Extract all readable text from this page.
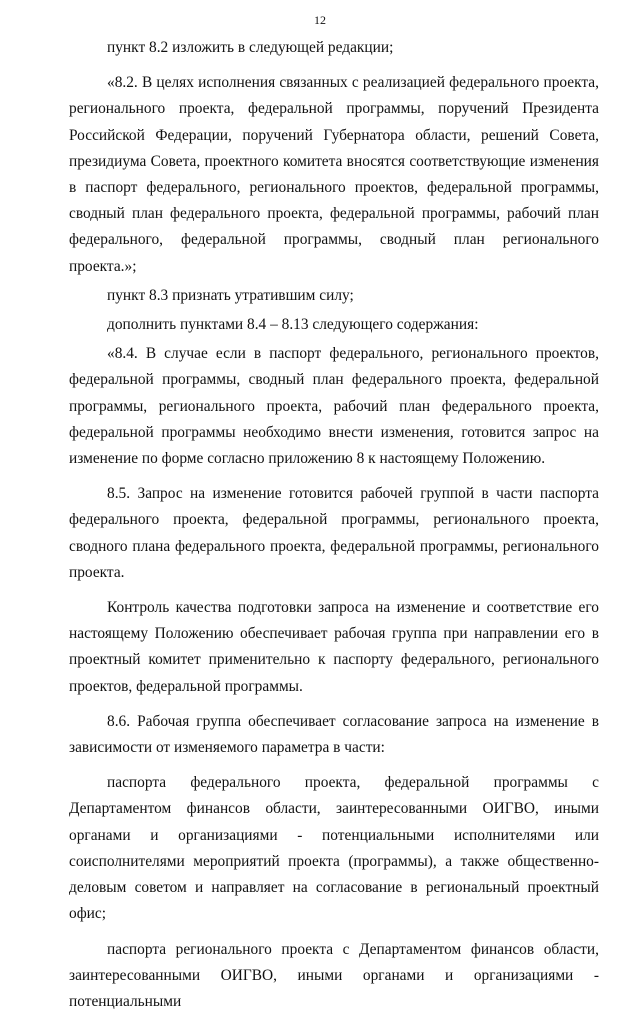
12

пункт 8.2 изложить в следующей редакции;

«8.2. В целях исполнения связанных с реализацией федерального проекта, регионального проекта, федеральной программы, поручений Президента Российской Федерации, поручений Губернатора области, решений Совета, президиума Совета, проектного комитета вносятся соответствующие изменения в паспорт федерального, регионального проектов, федеральной программы, сводный план федерального проекта, федеральной программы, рабочий план федерального, федеральной программы, сводный план регионального проекта.»;

пункт 8.3 признать утратившим силу;

дополнить пунктами 8.4 – 8.13 следующего содержания:

«8.4. В случае если в паспорт федерального, регионального проектов, федеральной программы, сводный план федерального проекта, федеральной программы, регионального проекта, рабочий план федерального проекта, федеральной программы необходимо внести изменения, готовится запрос на изменение по форме согласно приложению 8 к настоящему Положению.

8.5. Запрос на изменение готовится рабочей группой в части паспорта федерального проекта, федеральной программы, регионального проекта, сводного плана федерального проекта, федеральной программы, регионального проекта.

Контроль качества подготовки запроса на изменение и соответствие его настоящему Положению обеспечивает рабочая группа при направлении его в проектный комитет применительно к паспорту федерального, регионального проектов, федеральной программы.

8.6. Рабочая группа обеспечивает согласование запроса на изменение в зависимости от изменяемого параметра в части:

паспорта федерального проекта, федеральной программы с Департаментом финансов области, заинтересованными ОИГВО, иными органами и организациями - потенциальными исполнителями или соисполнителями мероприятий проекта (программы), а также общественно-деловым советом и направляет на согласование в региональный проектный офис;

паспорта регионального проекта с Департаментом финансов области, заинтересованными ОИГВО, иными органами и организациями - потенциальными
